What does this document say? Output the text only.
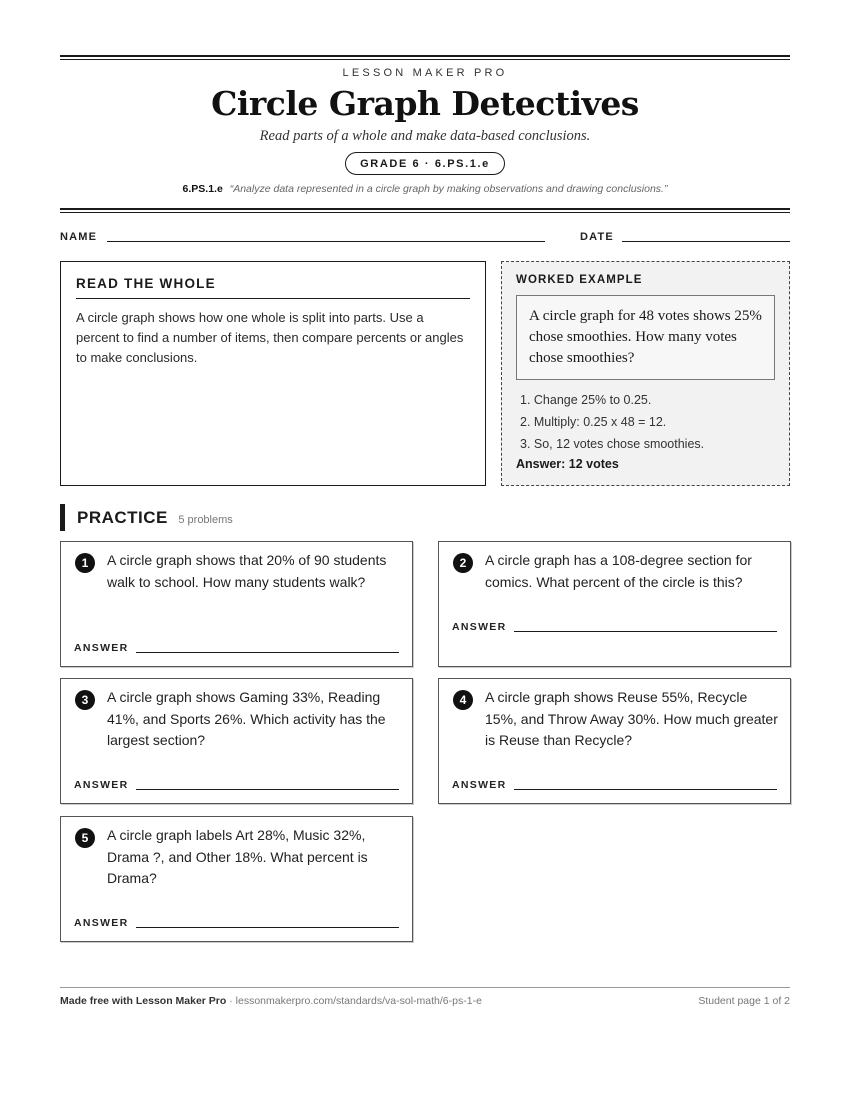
LESSON MAKER PRO
Circle Graph Detectives
Read parts of a whole and make data-based conclusions.
GRADE 6 · 6.PS.1.e
6.PS.1.e “Analyze data represented in a circle graph by making observations and drawing conclusions.”
NAME	DATE
READ THE WHOLE
A circle graph shows how one whole is split into parts. Use a percent to find a number of items, then compare percents or angles to make conclusions.
WORKED EXAMPLE
A circle graph for 48 votes shows 25% chose smoothies. How many votes chose smoothies?
1. Change 25% to 0.25.
2. Multiply: 0.25 x 48 = 12.
3. So, 12 votes chose smoothies.
Answer: 12 votes
PRACTICE 5 problems
1	A circle graph shows that 20% of 90 students walk to school. How many students walk?
ANSWER
2	A circle graph has a 108-degree section for comics. What percent of the circle is this?
ANSWER
3	A circle graph shows Gaming 33%, Reading 41%, and Sports 26%. Which activity has the largest section?
ANSWER
4	A circle graph shows Reuse 55%, Recycle 15%, and Throw Away 30%. How much greater is Reuse than Recycle?
ANSWER
5	A circle graph labels Art 28%, Music 32%, Drama ?, and Other 18%. What percent is Drama?
ANSWER
Made free with Lesson Maker Pro · lessonmakerpro.com/standards/va-sol-math/6-ps-1-e	Student page 1 of 2
